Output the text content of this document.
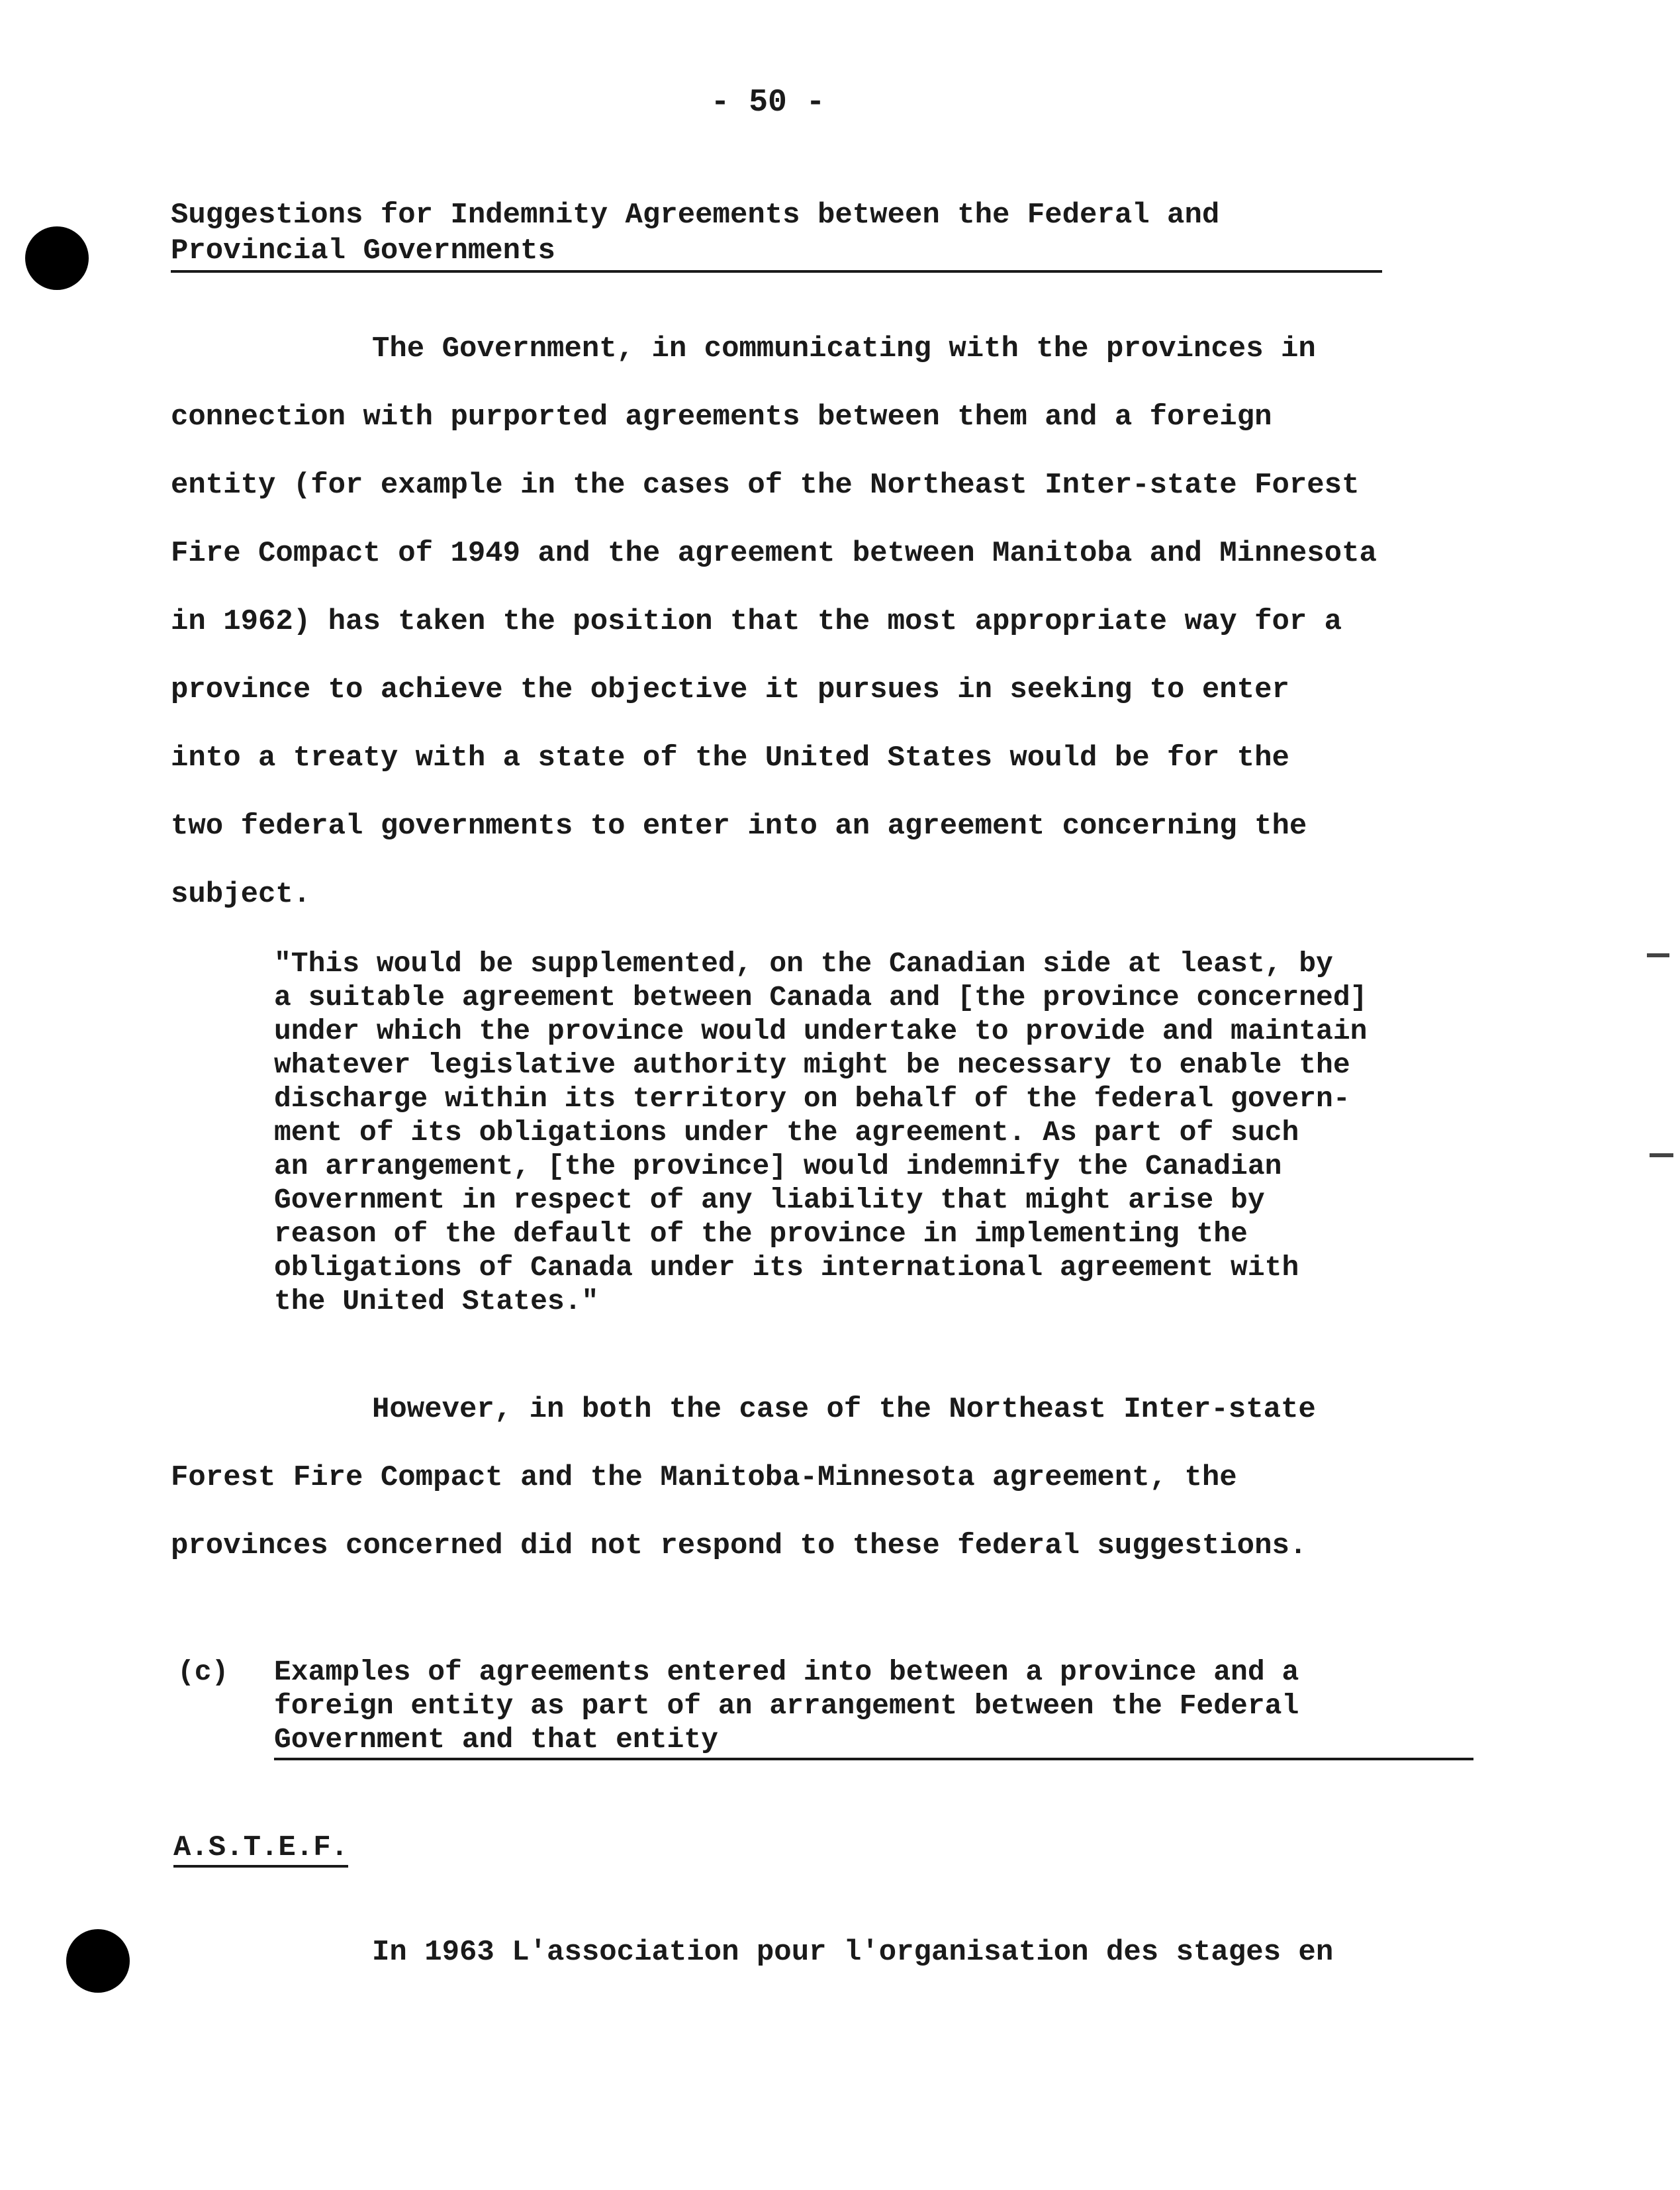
- 50 -
Suggestions for Indemnity Agreements between the Federal and
Provincial Governments

The Government, in communicating with the provinces in
connection with purported agreements between them and a foreign
entity (for example in the cases of the Northeast Inter-state Forest
Fire Compact of 1949 and the agreement between Manitoba and Minnesota
in 1962) has taken the position that the most appropriate way for a
province to achieve the objective it pursues in seeking to enter
into a treaty with a state of the United States would be for the
two federal governments to enter into an agreement concerning the
subject.

"This would be supplemented, on the Canadian side at least, by
a suitable agreement between Canada and [the province concerned]
under which the province would undertake to provide and maintain
whatever legislative authority might be necessary to enable the
discharge within its territory on behalf of the federal govern-
ment of its obligations under the agreement. As part of such
an arrangement, [the province] would indemnify the Canadian
Government in respect of any liability that might arise by
reason of the default of the province in implementing the
obligations of Canada under its international agreement with
the United States."

However, in both the case of the Northeast Inter-state
Forest Fire Compact and the Manitoba-Minnesota agreement, the
provinces concerned did not respond to these federal suggestions.

(c) Examples of agreements entered into between a province and a
foreign entity as part of an arrangement between the Federal
Government and that entity
A.S.T.E.F.

In 1963 L'association pour l'organisation des stages en
